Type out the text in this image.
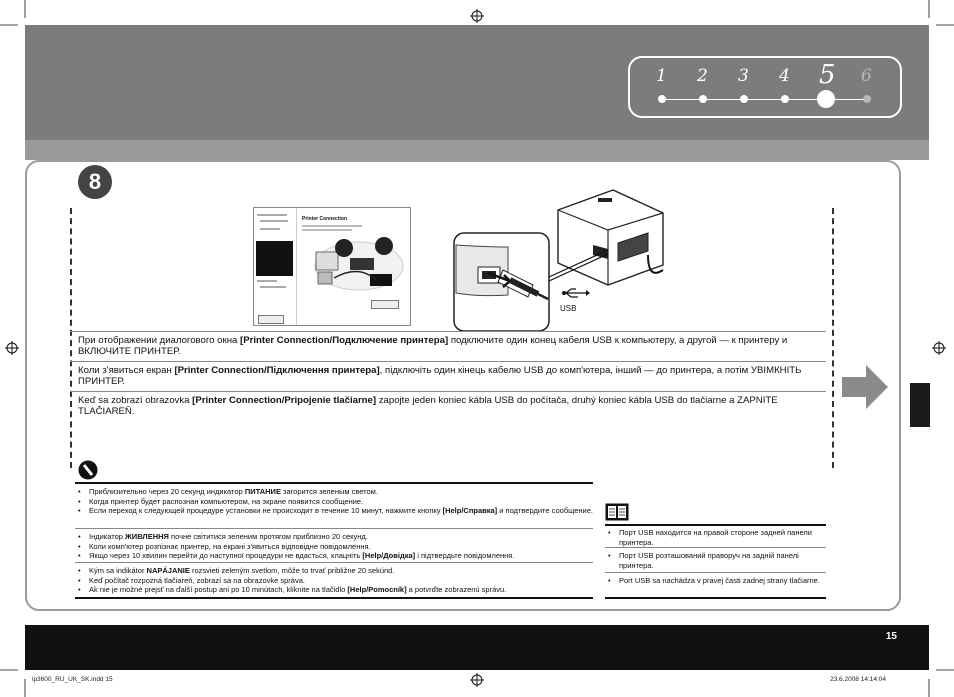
1 2 3 4 5 6
8
Printer Connection
USB
При отображении диалогового окна [Printer Connection/Подключение принтера] подключите один конец кабеля USB к компьютеру, а другой — к принтеру и ВКЛЮЧИТЕ ПРИНТЕР.
Коли з'явиться екран [Printer Connection/Підключення принтера], підключіть один кінець кабелю USB до комп'ютера, інший — до принтера, а потім УВІМКНІТЬ ПРИНТЕР.
Keď sa zobrazí obrazovka [Printer Connection/Pripojenie tlačiarne] zapojte jeden koniec kábla USB do počítača, druhý koniec kábla USB do tlačiarne a ZAPNITE TLAČIAREŇ.
• Приблизительно через 20 секунд индикатор ПИТАНИЕ загорится зеленым светом.
• Когда принтер будет распознан компьютером, на экране появится сообщение.
• Если переход к следующей процедуре установки не происходит в течение 10 минут, нажмите кнопку [Help/Справка] и подтвердите сообщение.
• Індикатор ЖИВЛЕННЯ почне світитися зеленим протягом приблизно 20 секунд.
• Коли комп'ютер розпізнає принтер, на екрані з'явиться відповідне повідомлення.
• Якщо через 10 хвилин перейти до наступної процедури не вдасться, клацніть [Help/Довідка] і підтвердьте повідомлення.
• Kým sa indikátor NAPÁJANIE rozsvieti zeleným svetlom, môže to trvať približne 20 sekúnd.
• Keď počítač rozpozná tlačiareň, zobrazí sa na obrazovke správa.
• Ak nie je možné prejsť na ďalší postup ani po 10 minútach, kliknite na tlačidlo [Help/Pomocník] a potvrďte zobrazenú správu.
• Порт USB находится на правой стороне задней панели принтера.
• Порт USB розташований праворуч на задній панелі принтера.
• Port USB sa nachádza v pravej časti zadnej strany tlačiarne.
15
ip3600_RU_UK_SK.indd 15	23.6.2008 14:14:04
